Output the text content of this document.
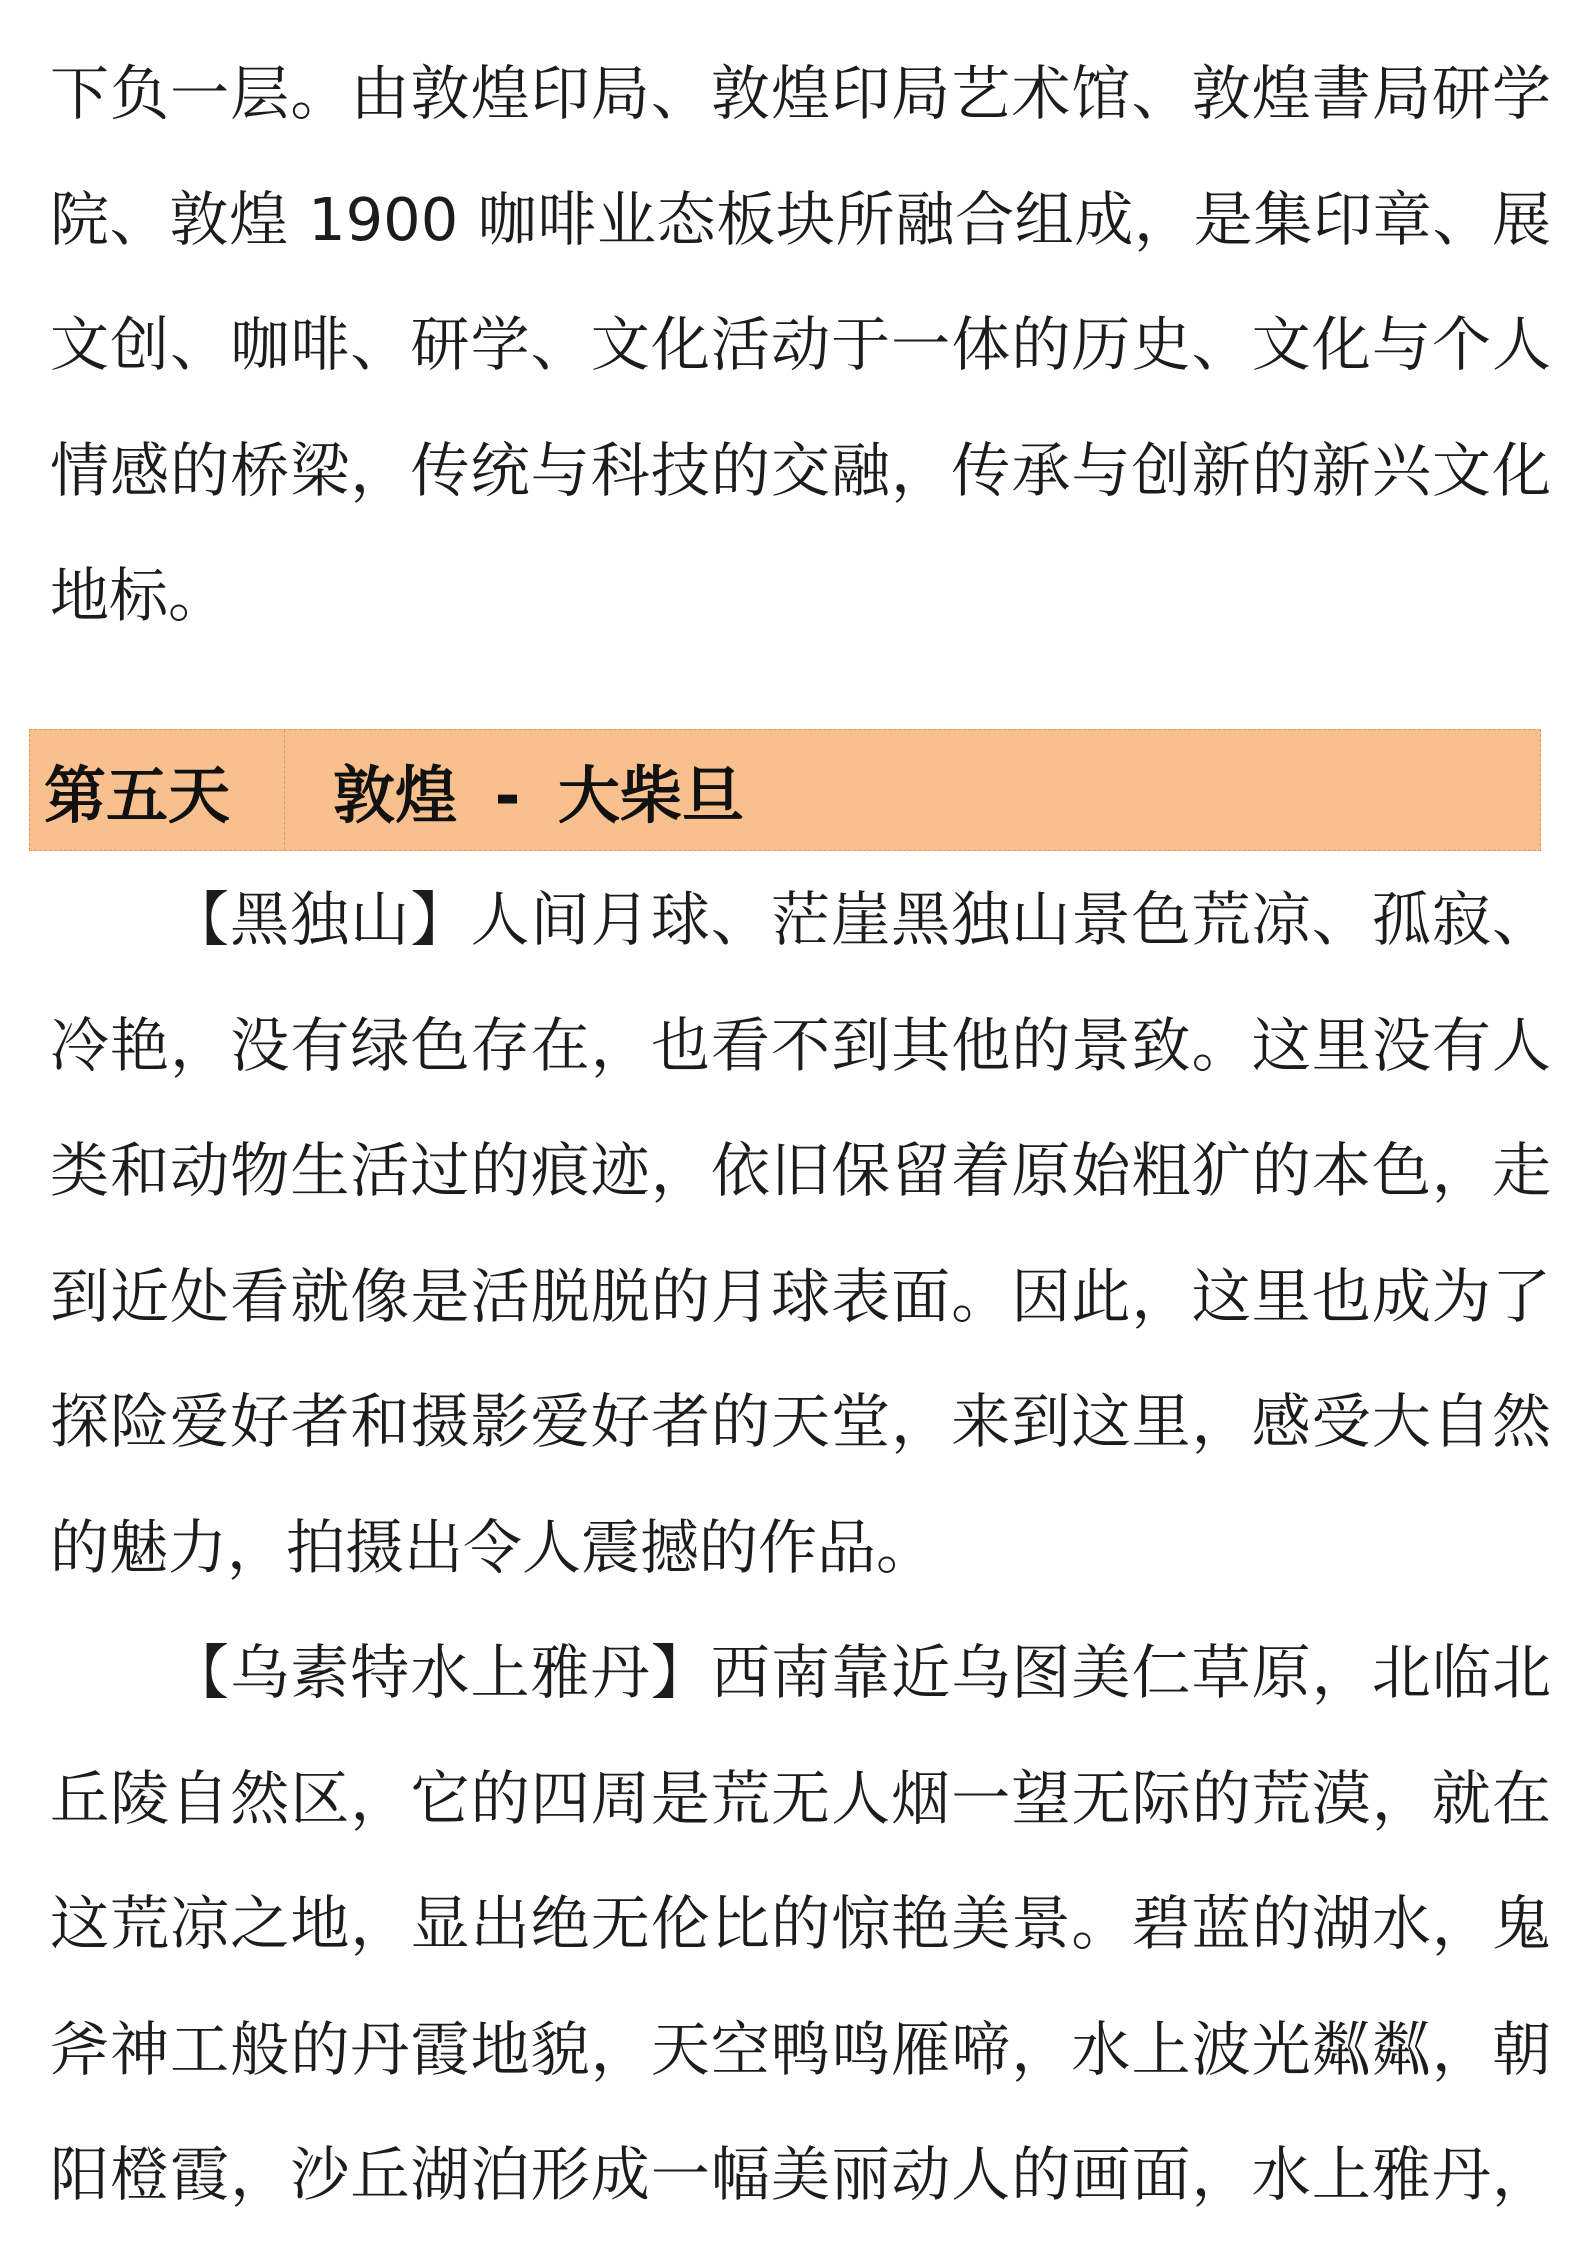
下负一层。由敦煌印局、敦煌印局艺术馆、敦煌書局研学
院、敦煌 1900 咖啡业态板块所融合组成，是集印章、展
文创、咖啡、研学、文化活动于一体的历史、文化与个人
情感的桥梁，传统与科技的交融，传承与创新的新兴文化
地标。
第五天	敦煌 - 大柴旦
【黑独山】人间月球、茫崖黑独山景色荒凉、孤寂、
冷艳，没有绿色存在，也看不到其他的景致。这里没有人
类和动物生活过的痕迹，依旧保留着原始粗犷的本色，走
到近处看就像是活脱脱的月球表面。因此，这里也成为了
探险爱好者和摄影爱好者的天堂，来到这里，感受大自然
的魅力，拍摄出令人震撼的作品。
【乌素特水上雅丹】西南靠近乌图美仁草原，北临北
丘陵自然区，它的四周是荒无人烟一望无际的荒漠，就在
这荒凉之地，显出绝无伦比的惊艳美景。碧蓝的湖水，鬼
斧神工般的丹霞地貌，天空鸭鸣雁啼，水上波光粼粼，朝
阳橙霞，沙丘湖泊形成一幅美丽动人的画面，水上雅丹，
